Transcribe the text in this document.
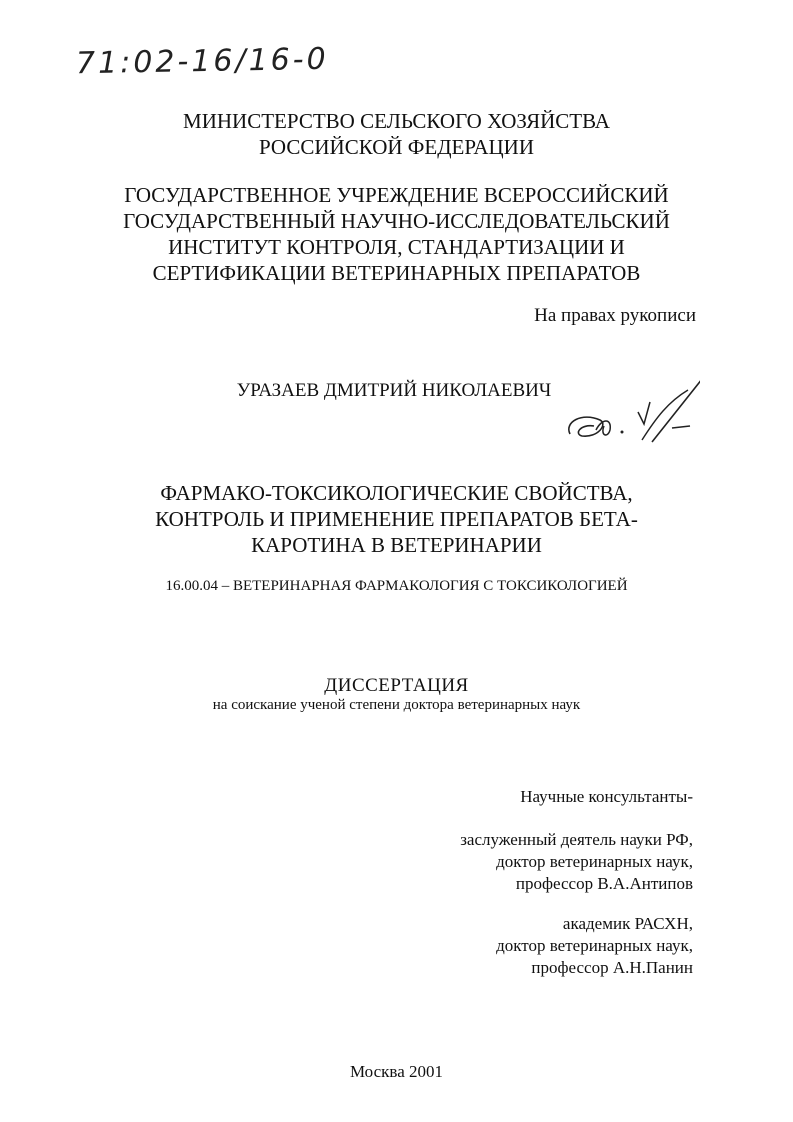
71:02-16/16-0
МИНИСТЕРСТВО СЕЛЬСКОГО ХОЗЯЙСТВА
РОССИЙСКОЙ ФЕДЕРАЦИИ
ГОСУДАРСТВЕННОЕ УЧРЕЖДЕНИЕ ВСЕРОССИЙСКИЙ
ГОСУДАРСТВЕННЫЙ НАУЧНО-ИССЛЕДОВАТЕЛЬСКИЙ
ИНСТИТУТ КОНТРОЛЯ, СТАНДАРТИЗАЦИИ И
СЕРТИФИКАЦИИ ВЕТЕРИНАРНЫХ ПРЕПАРАТОВ
На правах рукописи
УРАЗАЕВ ДМИТРИЙ НИКОЛАЕВИЧ
ФАРМАКО-ТОКСИКОЛОГИЧЕСКИЕ СВОЙСТВА,
КОНТРОЛЬ И ПРИМЕНЕНИЕ ПРЕПАРАТОВ БЕТА-
КАРОТИНА В ВЕТЕРИНАРИИ
16.00.04 – ВЕТЕРИНАРНАЯ ФАРМАКОЛОГИЯ С ТОКСИКОЛОГИЕЙ
ДИССЕРТАЦИЯ
на соискание ученой степени доктора ветеринарных наук
Научные консультанты-
заслуженный деятель науки РФ,
доктор ветеринарных наук,
профессор В.А.Антипов
академик РАСХН,
доктор ветеринарных наук,
профессор А.Н.Панин
Москва 2001
